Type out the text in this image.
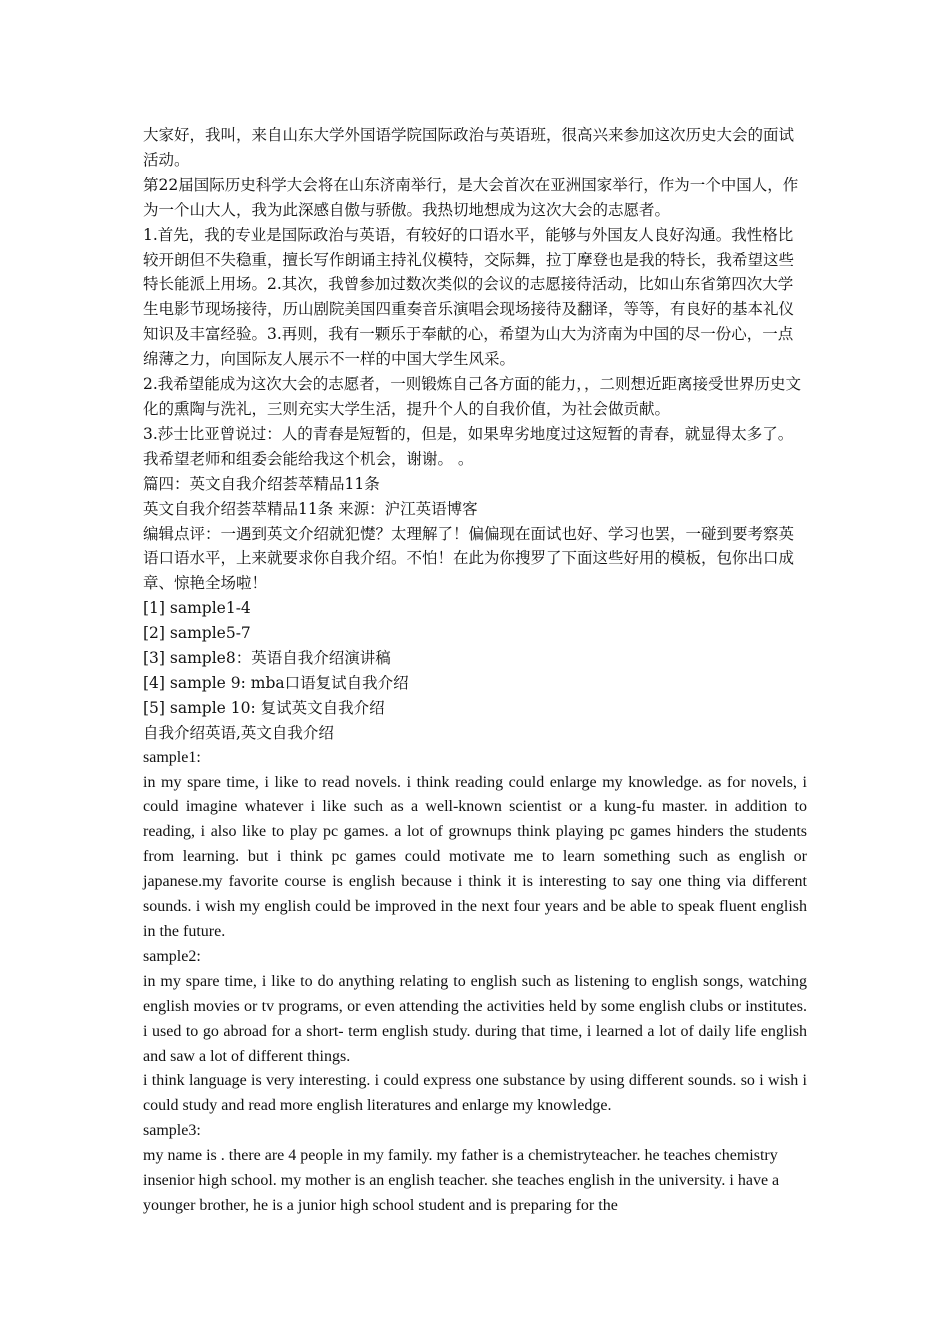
大家好，我叫，来自山东大学外国语学院国际政治与英语班，很高兴来参加这次历史大会的面试活动。

第22届国际历史科学大会将在山东济南举行，是大会首次在亚洲国家举行，作为一个中国人，作为一个山大人，我为此深感自傲与骄傲。我热切地想成为这次大会的志愿者。

1.首先，我的专业是国际政治与英语，有较好的口语水平，能够与外国友人良好沟通。我性格比较开朗但不失稳重，擅长写作朗诵主持礼仪模特，交际舞，拉丁摩登也是我的特长，我希望这些特长能派上用场。2.其次，我曾参加过数次类似的会议的志愿接待活动，比如山东省第四次大学生电影节现场接待，历山剧院美国四重奏音乐演唱会现场接待及翻译，等等，有良好的基本礼仪知识及丰富经验。3.再则，我有一颗乐于奉献的心，希望为山大为济南为中国的尽一份心，一点绵薄之力，向国际友人展示不一样的中国大学生风采。

2.我希望能成为这次大会的志愿者，一则锻炼自己各方面的能力，，二则想近距离接受世界历史文化的熏陶与洗礼，三则充实大学生活，提升个人的自我价值，为社会做贡献。

3.莎士比亚曾说过：人的青春是短暂的，但是，如果卑劣地度过这短暂的青春，就显得太多了。我希望老师和组委会能给我这个机会，谢谢。 。

篇四：英文自我介绍荟萃精品11条

英文自我介绍荟萃精品11条 来源：沪江英语博客

编辑点评：一遇到英文介绍就犯憷？太理解了！偏偏现在面试也好、学习也罢，一碰到要考察英语口语水平，上来就要求你自我介绍。不怕！在此为你搜罗了下面这些好用的模板，包你出口成章、惊艳全场啦！

[1] sample1-4

[2] sample5-7

[3] sample8：英语自我介绍演讲稿

[4] sample 9: mba口语复试自我介绍

[5] sample 10: 复试英文自我介绍

自我介绍英语,英文自我介绍

sample1:

in my spare time, i like to read novels. i think reading could enlarge my knowledge. as for novels, i could imagine whatever i like such as a well-known scientist or a kung-fu master. in addition to reading, i also like to play pc games. a lot of grownups think playing pc games hinders the students from learning. but i think pc games could motivate me to learn something such as english or japanese.my favorite course is english because i think it is interesting to say one thing via different sounds. i wish my english could be improved in the next four years and be able to speak fluent english in the future.

sample2:

in my spare time, i like to do anything relating to english such as listening to english songs, watching english movies or tv programs, or even attending the activities held by some english clubs or institutes. i used to go abroad for a short- term english study. during that time, i learned a lot of daily life english and saw a lot of different things.

i think language is very interesting. i could express one substance by using different sounds. so i wish i could study and read more english literatures and enlarge my knowledge.

sample3:

my name is . there are 4 people in my family. my father is a chemistryteacher. he teaches chemistry insenior high school. my mother is an english teacher. she teaches english in the university. i have a younger brother, he is a junior high school student and is preparing for the
